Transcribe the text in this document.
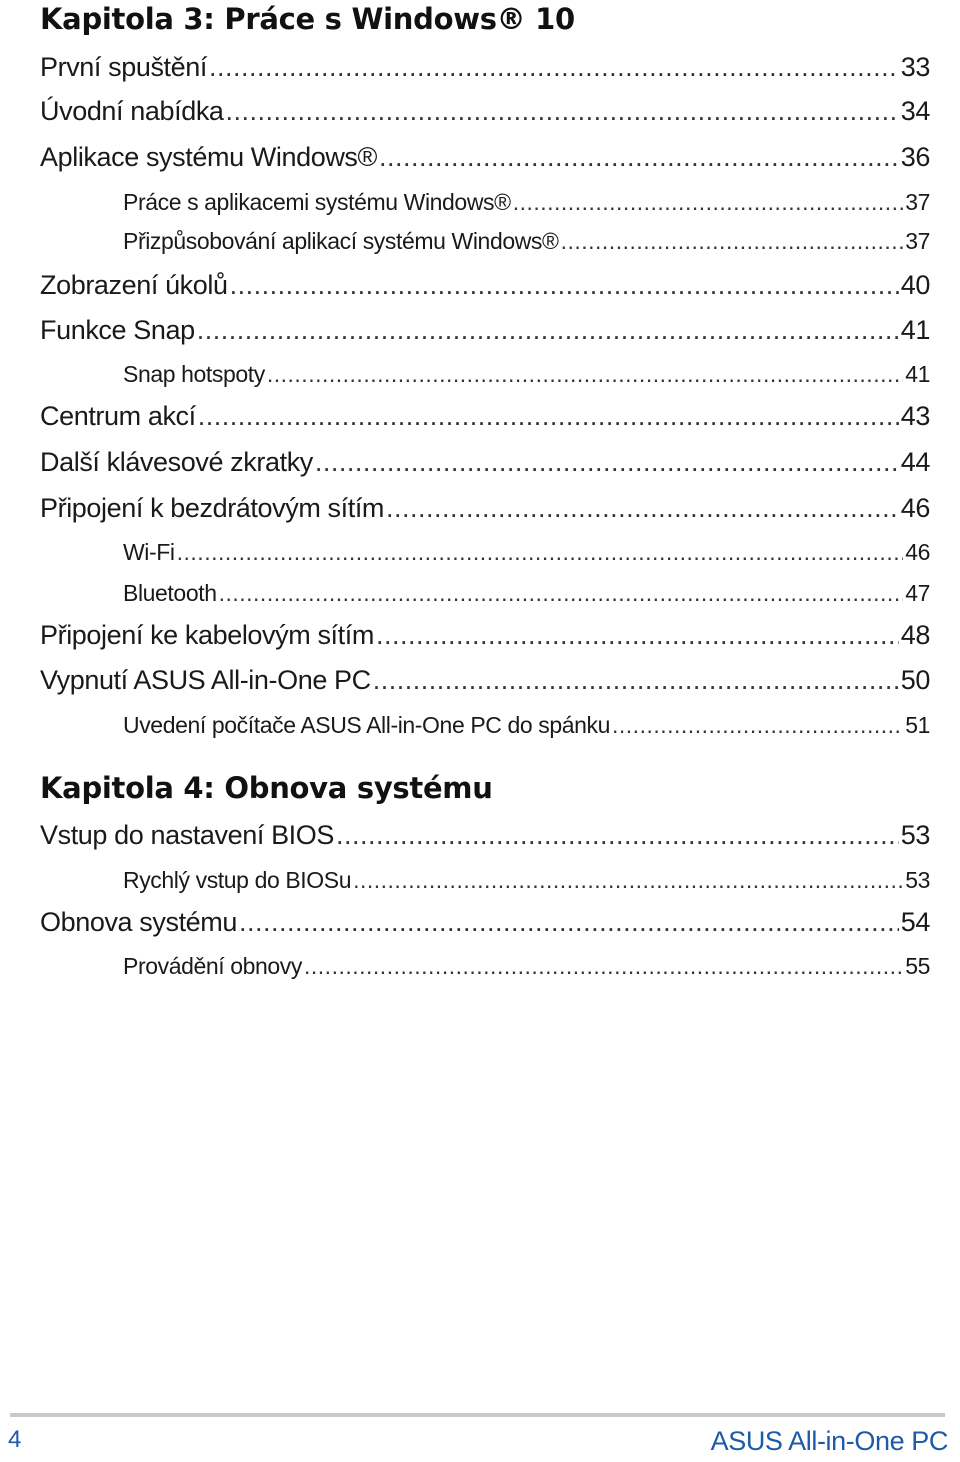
Kapitola 3: Práce s Windows® 10
První spuštění .....	33
Úvodní nabídka .....	34
Aplikace systému Windows® .....	36
Práce s aplikacemi systému Windows® .....	37
Přizpůsobování aplikací systému Windows® .....	37
Zobrazení úkolů .....	40
Funkce Snap .....	41
Snap hotspoty .....	41
Centrum akcí .....	43
Další klávesové zkratky .....	44
Připojení k bezdrátovým sítím .....	46
Wi-Fi .....	46
Bluetooth .....	47
Připojení ke kabelovým sítím .....	48
Vypnutí ASUS All-in-One PC .....	50
Uvedení počítače ASUS All-in-One PC do spánku .....	51
Kapitola 4: Obnova systému
Vstup do nastavení BIOS .....	53
Rychlý vstup do BIOSu .....	53
Obnova systému .....	54
Provádění obnovy .....	55
4	ASUS All-in-One PC
